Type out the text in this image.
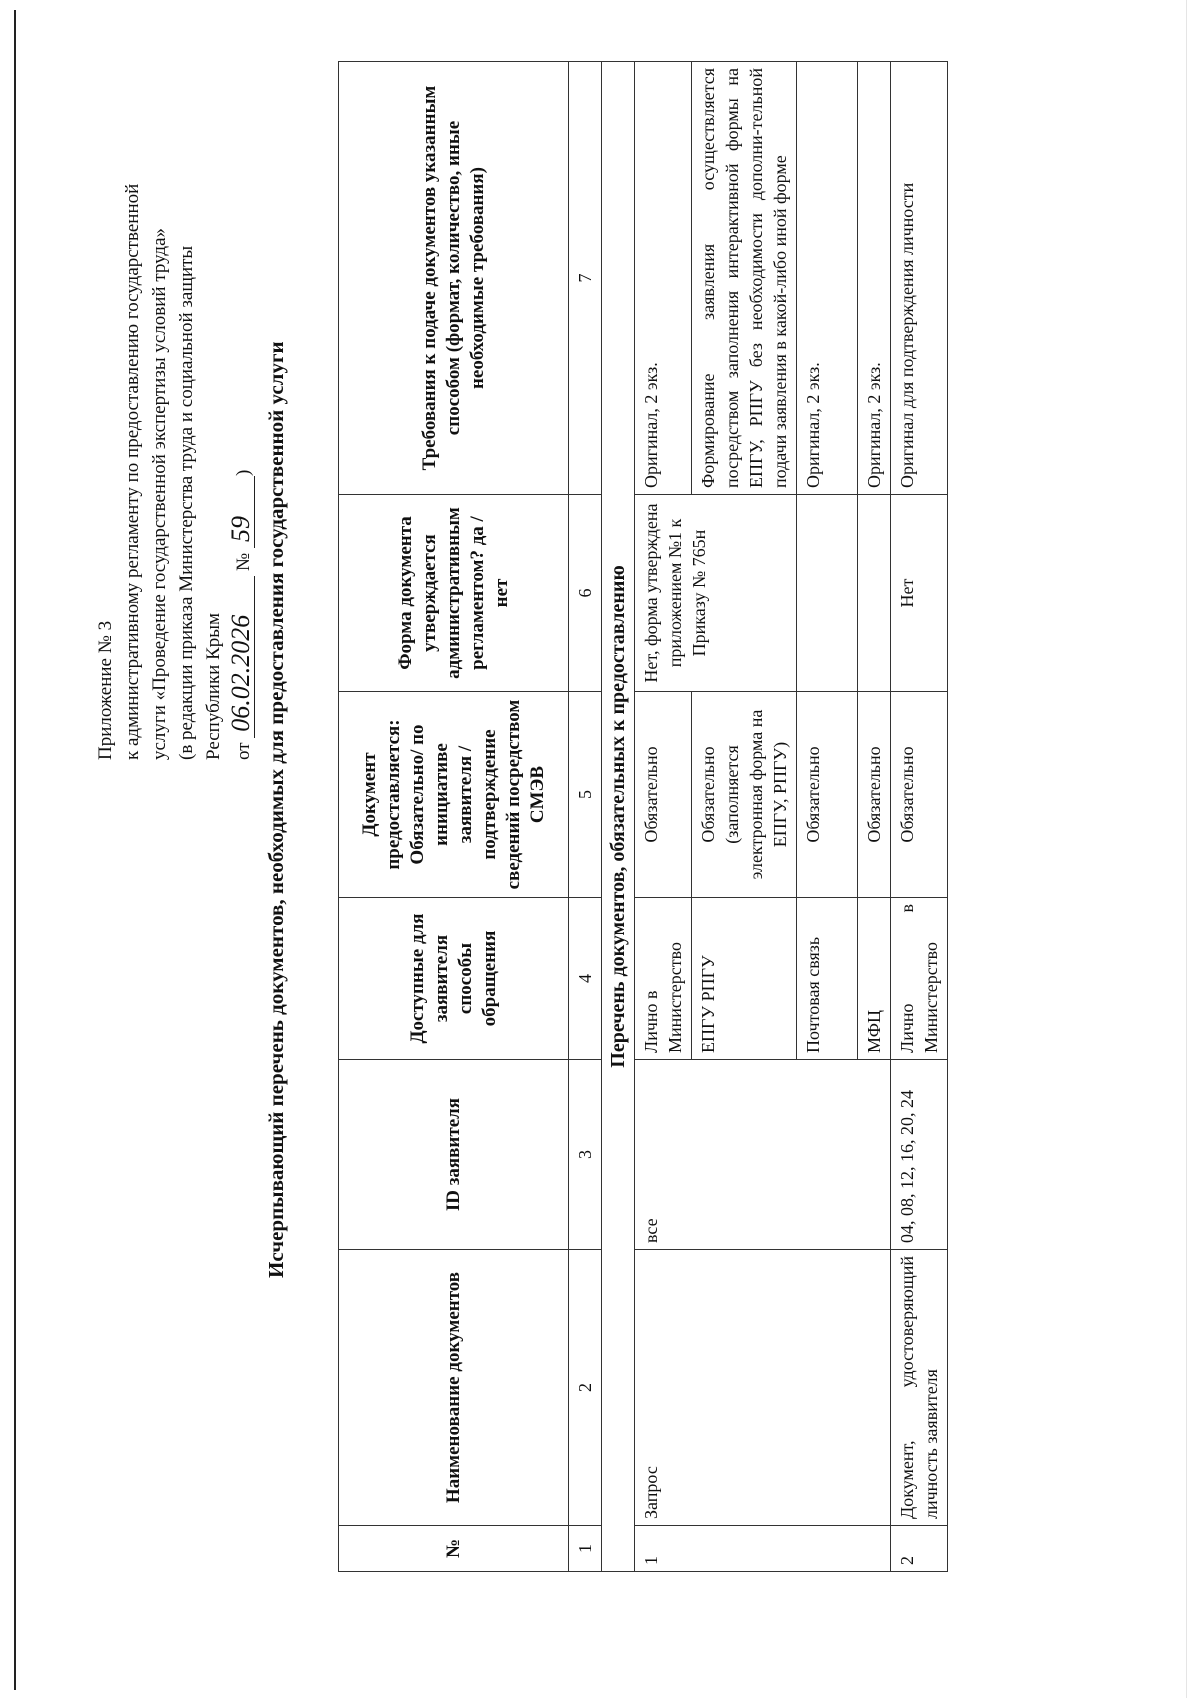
Приложение № 3 к административному регламенту по предоставлению государственной услуги «Проведение государственной экспертизы условий труда» (в редакции приказа Министерства труда и социальной защиты Республики Крым от 06.02.2026 № 59) Исчерпывающий перечень документов, необходимых для предоставления государственной услуги
№	Наименование документов	ID заявителя	Доступные для заявителя способы обращения	Документ предоставляется: Обязательно/ по инициативе заявителя /подтверждение сведений посредством СМЭВ	Форма документа утверждается административным регламентом? да / нет	Требования к подаче документов указанным способом (формат, количество, иные необходимые требования)
1	2	3	4	5	6	7
Перечень документов, обязательных к предоставлению						
1	Запрос	все	Лично в Министерство	Обязательно	Нет, форма утверждена приложением №1 к Приказу № 765н	Оригинал, 2 экз.
			ЕПГУ РПГУ	Обязательно (заполняется электронная форма на ЕПГУ, РПГУ)		Формирование заявления осуществляется посредством заполнения интерактивной формы на ЕПГУ, РПГУ без необходимости дополни-тельной подачи заявления в какой-либо иной форме
			Почтовая связь	Обязательно		Оригинал, 2 экз.
			МФЦ	Обязательно		Оригинал, 2 экз.
2	Документ, удостоверяющий личность заявителя	04, 08, 12, 16, 20, 24	Лично в Министерство	Обязательно	Нет	Оригинал для подтверждения личности
